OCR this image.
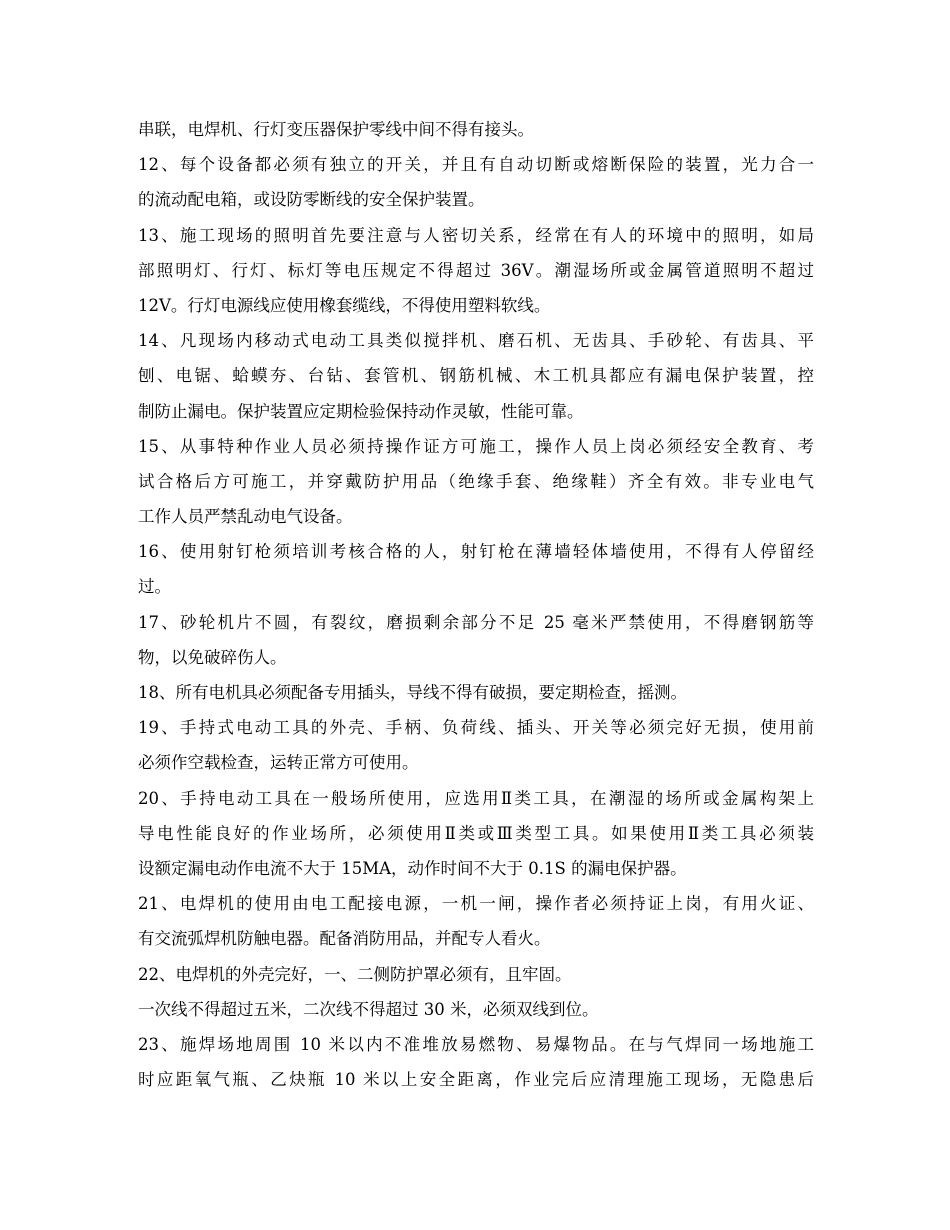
串联，电焊机、行灯变压器保护零线中间不得有接头。
12、每个设备都必须有独立的开关，并且有自动切断或熔断保险的装置，光力合一
的流动配电箱，或设防零断线的安全保护装置。
13、施工现场的照明首先要注意与人密切关系，经常在有人的环境中的照明，如局
部照明灯、行灯、标灯等电压规定不得超过 36V。潮湿场所或金属管道照明不超过
12V。行灯电源线应使用橡套缆线，不得使用塑料软线。
14、凡现场内移动式电动工具类似搅拌机、磨石机、无齿具、手砂轮、有齿具、平
刨、电锯、蛤蟆夯、台钻、套管机、钢筋机械、木工机具都应有漏电保护装置，控
制防止漏电。保护装置应定期检验保持动作灵敏，性能可靠。
15、从事特种作业人员必须持操作证方可施工，操作人员上岗必须经安全教育、考
试合格后方可施工，并穿戴防护用品（绝缘手套、绝缘鞋）齐全有效。非专业电气
工作人员严禁乱动电气设备。
16、使用射钉枪须培训考核合格的人，射钉枪在薄墙轻体墙使用，不得有人停留经
过。
17、砂轮机片不圆，有裂纹，磨损剩余部分不足 25 毫米严禁使用，不得磨钢筋等
物，以免破碎伤人。
18、所有电机具必须配备专用插头，导线不得有破损，要定期检查，摇测。
19、手持式电动工具的外壳、手柄、负荷线、插头、开关等必须完好无损，使用前
必须作空载检查，运转正常方可使用。
20、手持电动工具在一般场所使用，应选用Ⅱ类工具，在潮湿的场所或金属构架上
导电性能良好的作业场所，必须使用Ⅱ类或Ⅲ类型工具。如果使用Ⅱ类工具必须装
设额定漏电动作电流不大于 15MA，动作时间不大于 0.1S 的漏电保护器。
21、电焊机的使用由电工配接电源，一机一闸，操作者必须持证上岗，有用火证、
有交流弧焊机防触电器。配备消防用品，并配专人看火。
22、电焊机的外壳完好，一、二侧防护罩必须有，且牢固。
一次线不得超过五米，二次线不得超过 30 米，必须双线到位。
23、施焊场地周围 10 米以内不准堆放易燃物、易爆物品。在与气焊同一场地施工
时应距氧气瓶、乙炔瓶 10 米以上安全距离，作业完后应清理施工现场，无隐患后
